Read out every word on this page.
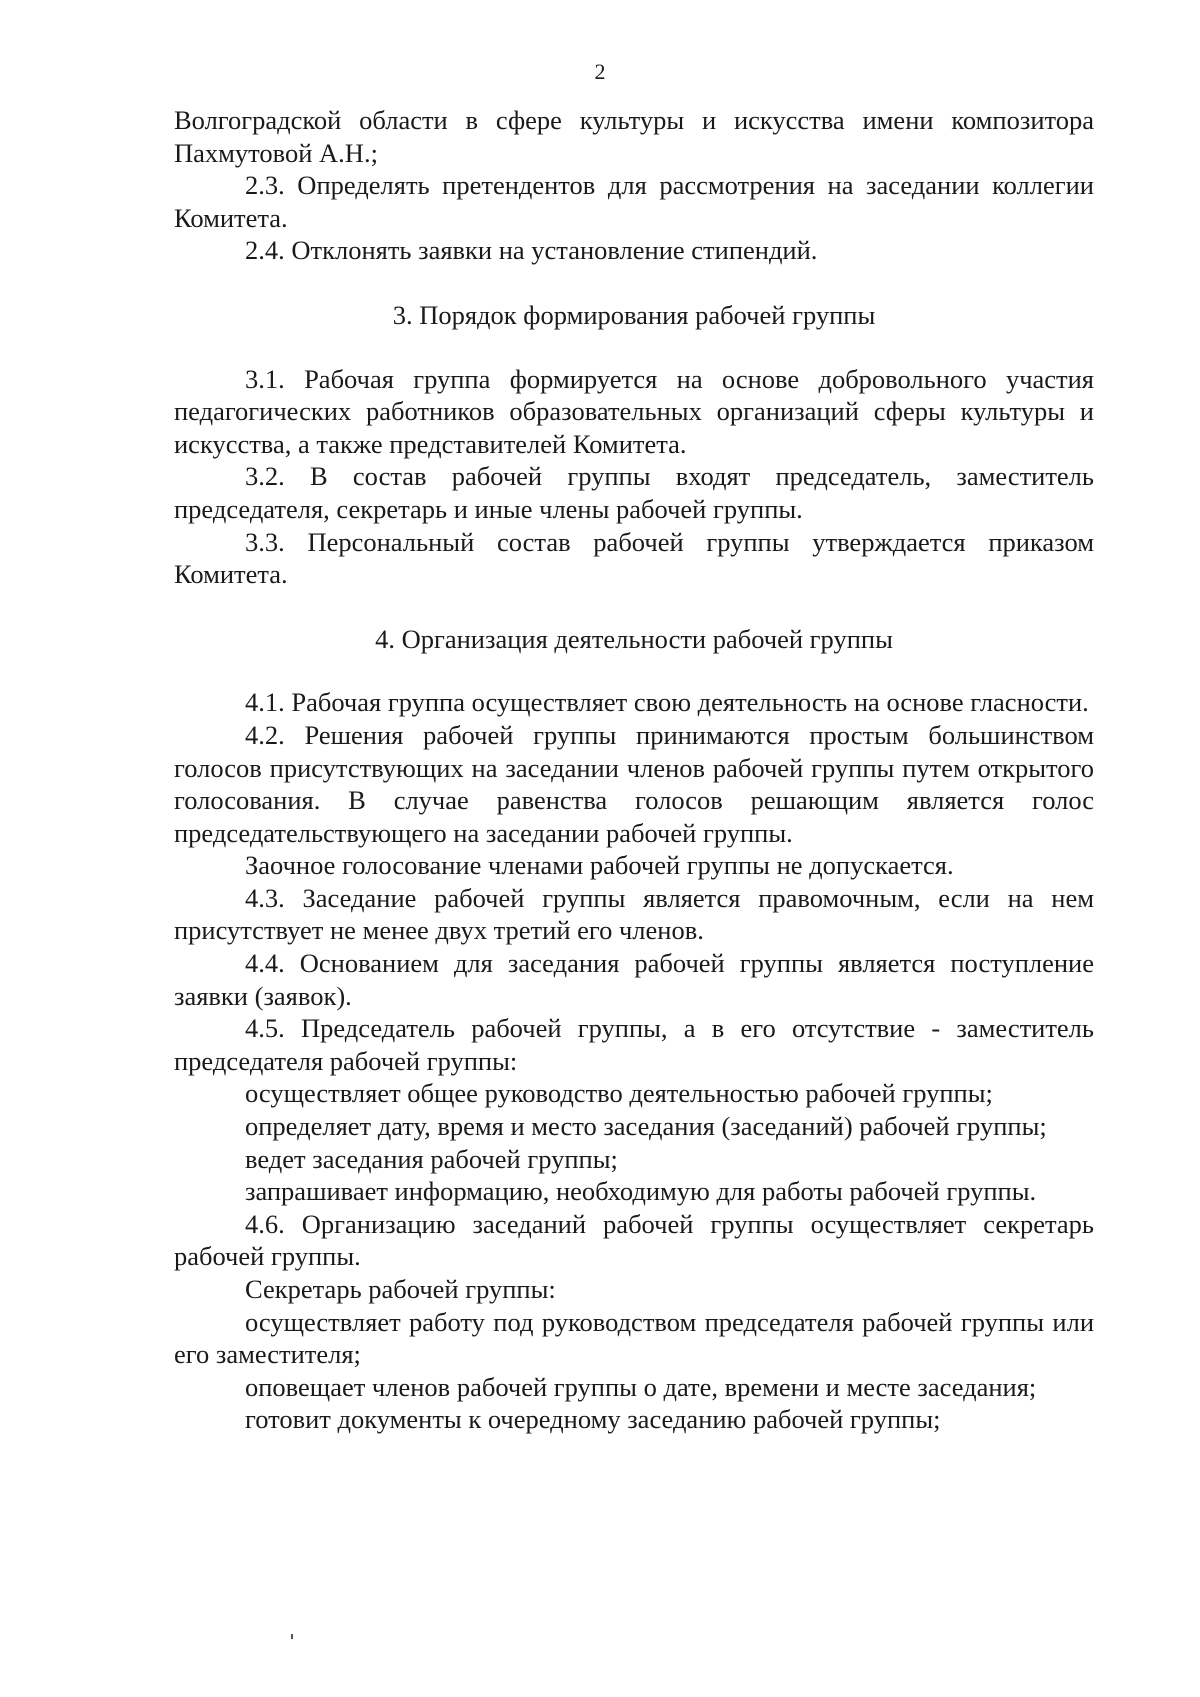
2

Волгоградской области в сфере культуры и искусства имени композитора Пахмутовой А.Н.;

2.3. Определять претендентов для рассмотрения на заседании коллегии Комитета.

2.4. Отклонять заявки на установление стипендий.

3. Порядок формирования рабочей группы

3.1. Рабочая группа формируется на основе добровольного участия педагогических работников образовательных организаций сферы культуры и искусства, а также представителей Комитета.

3.2. В состав рабочей группы входят председатель, заместитель председателя, секретарь и иные члены рабочей группы.

3.3. Персональный состав рабочей группы утверждается приказом Комитета.

4. Организация деятельности рабочей группы

4.1. Рабочая группа осуществляет свою деятельность на основе гласности.

4.2. Решения рабочей группы принимаются простым большинством голосов присутствующих на заседании членов рабочей группы путем открытого голосования. В случае равенства голосов решающим является голос председательствующего на заседании рабочей группы.

Заочное голосование членами рабочей группы не допускается.

4.3. Заседание рабочей группы является правомочным, если на нем присутствует не менее двух третий его членов.

4.4. Основанием для заседания рабочей группы является поступление заявки (заявок).

4.5. Председатель рабочей группы, а в его отсутствие - заместитель председателя рабочей группы:

осуществляет общее руководство деятельностью рабочей группы;

определяет дату, время и место заседания (заседаний) рабочей группы;

ведет заседания рабочей группы;

запрашивает информацию, необходимую для работы рабочей группы.

4.6. Организацию заседаний рабочей группы осуществляет секретарь рабочей группы.

Секретарь рабочей группы:

осуществляет работу под руководством председателя рабочей группы или его заместителя;

оповещает членов рабочей группы о дате, времени и месте заседания;

готовит документы к очередному заседанию рабочей группы;
